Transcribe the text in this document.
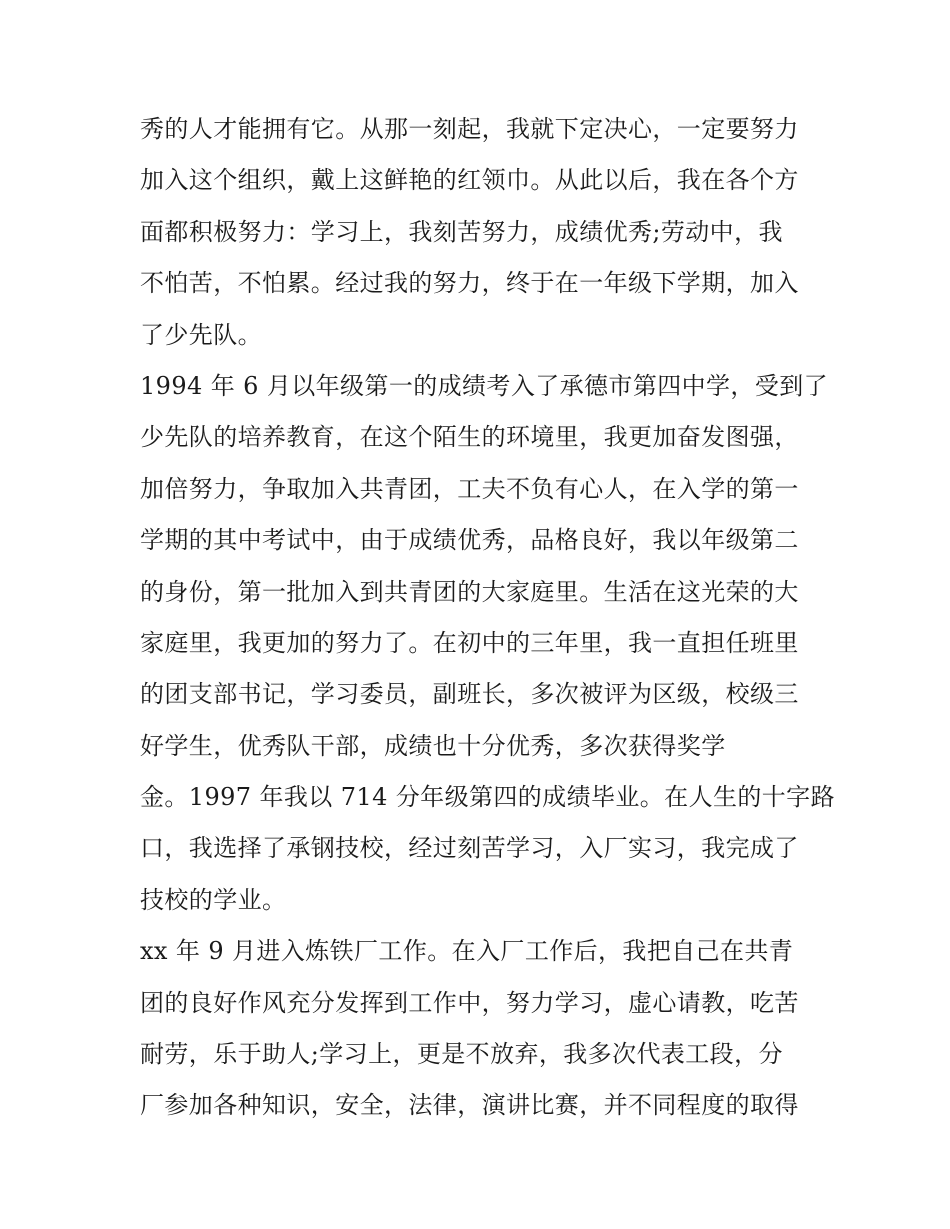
秀的人才能拥有它。从那一刻起，我就下定决心，一定要努力
加入这个组织，戴上这鲜艳的红领巾。从此以后，我在各个方
面都积极努力：学习上，我刻苦努力，成绩优秀;劳动中，我
不怕苦，不怕累。经过我的努力，终于在一年级下学期，加入
了少先队。
1994 年 6 月以年级第一的成绩考入了承德市第四中学，受到了
少先队的培养教育，在这个陌生的环境里，我更加奋发图强，
加倍努力，争取加入共青团，工夫不负有心人，在入学的第一
学期的其中考试中，由于成绩优秀，品格良好，我以年级第二
的身份，第一批加入到共青团的大家庭里。生活在这光荣的大
家庭里，我更加的努力了。在初中的三年里，我一直担任班里
的团支部书记，学习委员，副班长，多次被评为区级，校级三
好学生，优秀队干部，成绩也十分优秀，多次获得奖学
金。1997 年我以 714 分年级第四的成绩毕业。在人生的十字路
口，我选择了承钢技校，经过刻苦学习，入厂实习，我完成了
技校的学业。
xx 年 9 月进入炼铁厂工作。在入厂工作后，我把自己在共青
团的良好作风充分发挥到工作中，努力学习，虚心请教，吃苦
耐劳，乐于助人;学习上，更是不放弃，我多次代表工段，分
厂参加各种知识，安全，法律，演讲比赛，并不同程度的取得
